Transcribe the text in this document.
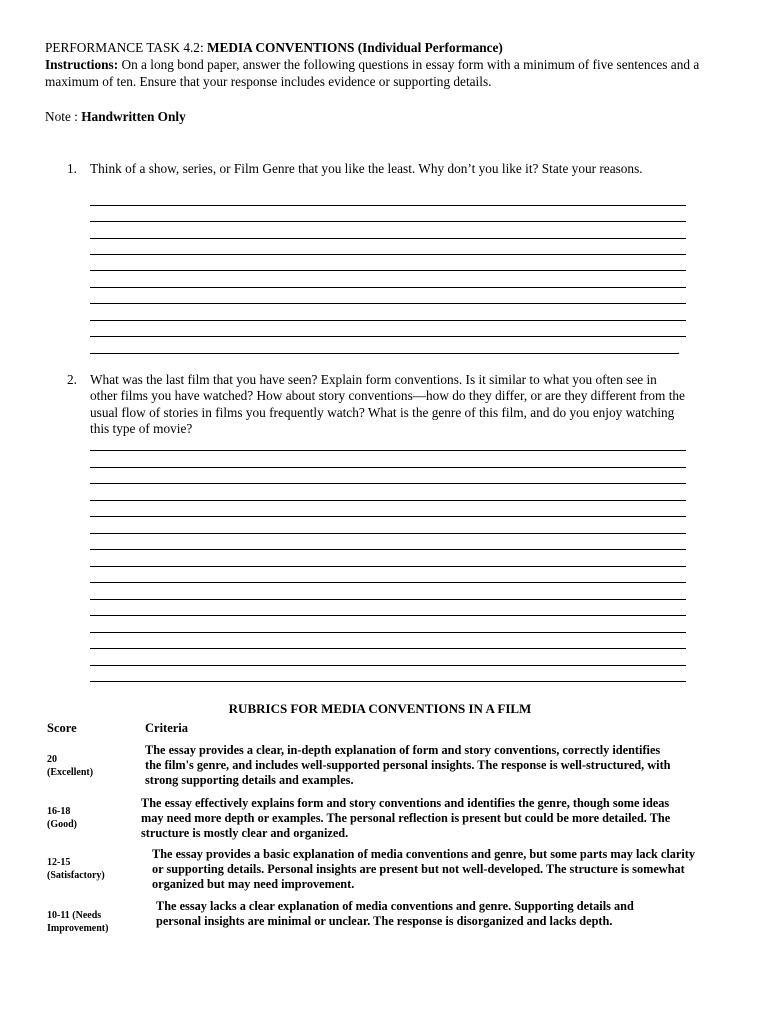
PERFORMANCE TASK 4.2: MEDIA CONVENTIONS (Individual Performance)
Instructions: On a long bond paper, answer the following questions in essay form with a minimum of five sentences and a maximum of ten. Ensure that your response includes evidence or supporting details.
Note : Handwritten Only
1. Think of a show, series, or Film Genre that you like the least. Why don’t you like it? State your reasons.
.
2. What was the last film that you have seen? Explain form conventions. Is it similar to what you often see in other films you have watched? How about story conventions—how do they differ, or are they different from the usual flow of stories in films you frequently watch? What is the genre of this film, and do you enjoy watching this type of movie?
RUBRICS FOR MEDIA CONVENTIONS IN A FILM
Score	Criteria
20
(Excellent)
The essay provides a clear, in-depth explanation of form and story conventions, correctly identifies the film's genre, and includes well-supported personal insights. The response is well-structured, with strong supporting details and examples.
16-18
(Good)
The essay effectively explains form and story conventions and identifies the genre, though some ideas may need more depth or examples. The personal reflection is present but could be more detailed. The structure is mostly clear and organized.
12-15
(Satisfactory)
The essay provides a basic explanation of media conventions and genre, but some parts may lack clarity or supporting details. Personal insights are present but not well-developed. The structure is somewhat organized but may need improvement.
10-11 (Needs
Improvement)
The essay lacks a clear explanation of media conventions and genre. Supporting details and personal insights are minimal or unclear. The response is disorganized and lacks depth.
